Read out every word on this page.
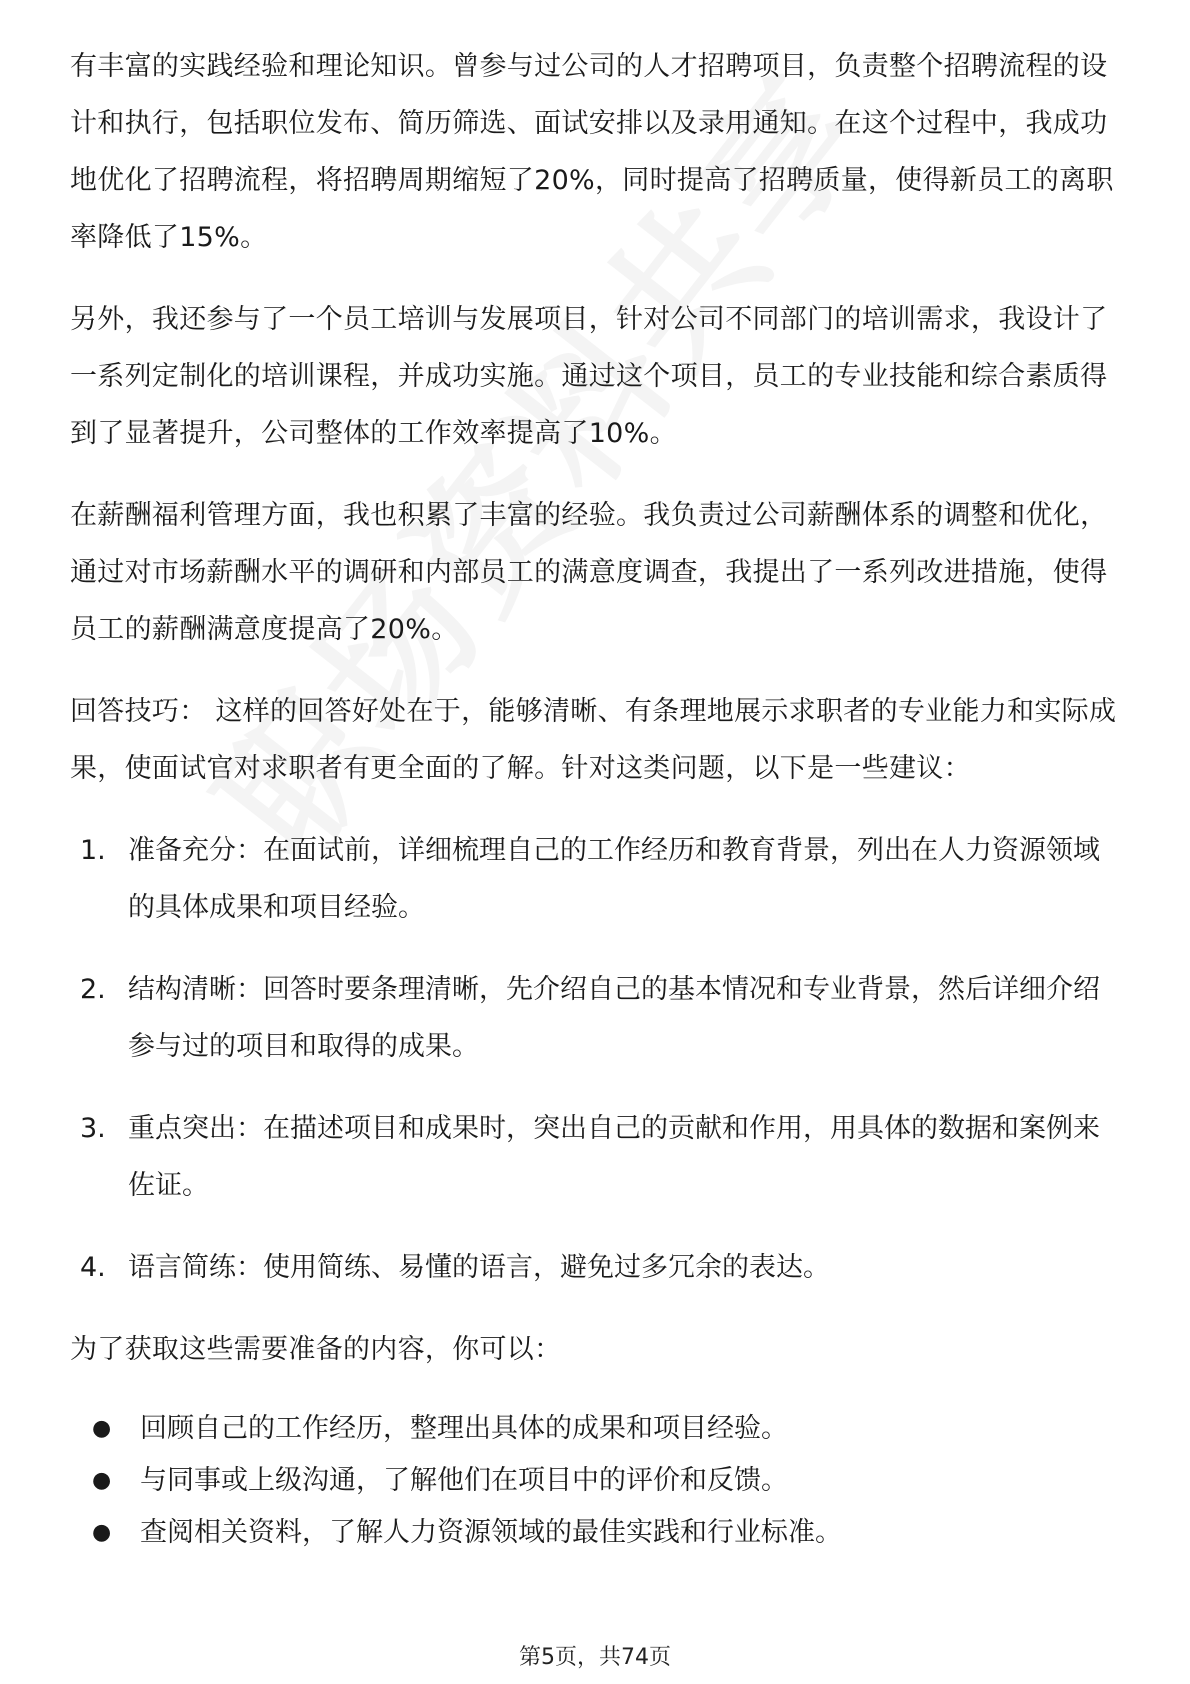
有丰富的实践经验和理论知识。曾参与过公司的人才招聘项目，负责整个招聘流程的设计和执行，包括职位发布、简历筛选、面试安排以及录用通知。在这个过程中，我成功地优化了招聘流程，将招聘周期缩短了20%，同时提高了招聘质量，使得新员工的离职率降低了15%。

另外，我还参与了一个员工培训与发展项目，针对公司不同部门的培训需求，我设计了一系列定制化的培训课程，并成功实施。通过这个项目，员工的专业技能和综合素质得到了显著提升，公司整体的工作效率提高了10%。

在薪酬福利管理方面，我也积累了丰富的经验。我负责过公司薪酬体系的调整和优化，通过对市场薪酬水平的调研和内部员工的满意度调查，我提出了一系列改进措施，使得员工的薪酬满意度提高了20%。

回答技巧： 这样的回答好处在于，能够清晰、有条理地展示求职者的专业能力和实际成果，使面试官对求职者有更全面的了解。针对这类问题，以下是一些建议：

1. 准备充分：在面试前，详细梳理自己的工作经历和教育背景，列出在人力资源领域的具体成果和项目经验。
2. 结构清晰：回答时要条理清晰，先介绍自己的基本情况和专业背景，然后详细介绍参与过的项目和取得的成果。
3. 重点突出：在描述项目和成果时，突出自己的贡献和作用，用具体的数据和案例来佐证。
4. 语言简练：使用简练、易懂的语言，避免过多冗余的表达。

为了获取这些需要准备的内容，你可以：

●	回顾自己的工作经历，整理出具体的成果和项目经验。
●	与同事或上级沟通，了解他们在项目中的评价和反馈。
●	查阅相关资料，了解人力资源领域的最佳实践和行业标准。
第5页，共74页
